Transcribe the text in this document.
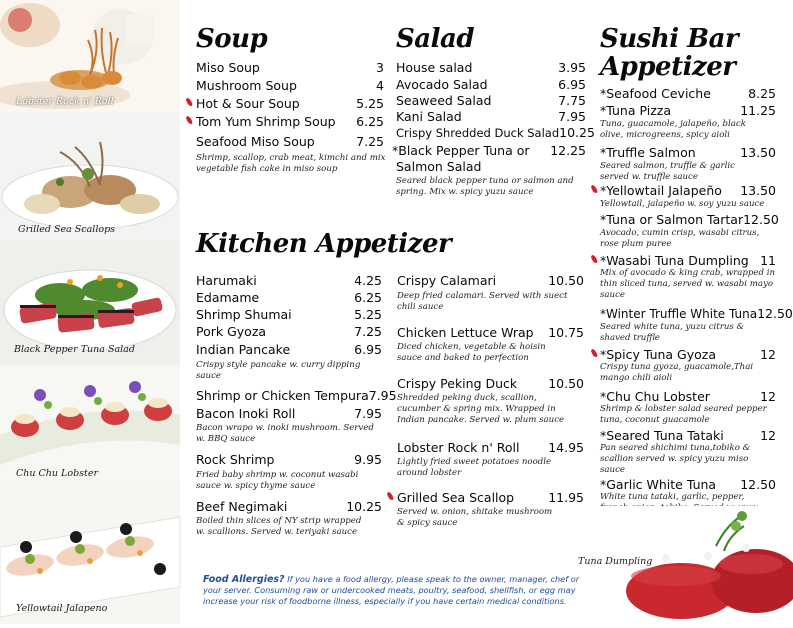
Lobster Rock n' Roll
Grilled Sea Scallops
Black Pepper Tuna Salad
Chu Chu Lobster
Yellowtail Jalapeno
Soup
Miso Soup	3
Mushroom Soup	4
Hot & Sour Soup	5.25
Tom Yum Shrimp Soup 6.25
Seafood Miso Soup	7.25
Shrimp, scallop, crab meat, kimchi and mix vegetable fish cake in miso soup
Salad
House salad	3.95
Avocado Salad	6.95
Seaweed Salad	7.75
Kani Salad	7.95
Crispy Shredded Duck Salad 10.25
*Black Pepper Tuna or 12.25
Salmon Salad
Seared black pepper tuna or salmon and spring. Mix w. spicy yuzu sauce
Kitchen Appetizer
Harumaki	4.25
Edamame	6.25
Shrimp Shumai	5.25
Pork Gyoza	7.25
Indian Pancake	6.95
Crispy style pancake w. curry dipping sauce
Shrimp or Chicken Tempura 7.95
Bacon Inoki Roll	7.95
Bacon wrapo w. inoki mushroom. Served w. BBQ sauce
Rock Shrimp	9.95
Fried baby shrimp w. coconut wasabi sauce w. spicy thyme sauce
Beef Negimaki	10.25
Boiled thin slices of NY strip wrapped w. scallions. Served w. teriyaki sauce
Crispy Calamari	10.50
Deep fried calamari. Served with suect chili sauce
Chicken Lettuce Wrap 10.75
Diced chicken, vegetable & hoisin sauce and baked to perfection
Crispy Peking Duck 10.50
Shredded peking duck, scallion, cucumber & spring mix. Wrapped in Indian pancake. Served w. plum sauce
Lobster Rock n' Roll 14.95
Lightly fried sweet potatoes noodle around lobster
Grilled Sea Scallop	11.95
Served w. onion, shitake mushroom & spicy sauce
Sushi Bar
Appetizer
*Seafood Ceviche	8.25
*Tuna Pizza	11.25
Tuna, guacamole, jalapeño, black olive, microgreens, spicy aioli
*Truffle Salmon	13.50
Seared salmon, truffle & garlic served w. truffle sauce
*Yellowtail Jalapeño 13.50
Yellowtail, jalapeño w. soy yuzu sauce
*Tuna or Salmon Tartar 12.50
Avocado, cumin crisp, wasabi citrus, rose plum puree
*Wasabi Tuna Dumpling 11
Mix of avocado & king crab, wrapped in thin sliced tuna, served w. wasabi mayo sauce
*Winter Truffle White Tuna 12.50
Seared white tuna, yuzu citrus & shaved truffle
*Spicy Tuna Gyoza	12
Crispy tuna gyoza, guacamole,Thai mango chili aioli
*Chu Chu Lobster	12
Shrimp & lobster salad seared pepper tuna, coconut guacamole
*Seared Tuna Tataki	12
Pan seared shichimi tuna,tobiko & scallion served w. spicy yuzu miso sauce
*Garlic White Tuna 12.50
White tuna tataki, garlic, pepper,
Tuna Dumpling
Food Allergies? If you have a food allergy, please speak to the owner, manager, chef or your server. Consuming raw or undercooked meats, poultry, seafood, shellfish, or egg may increase your risk of foodborne illness, especially if you have certain medical conditions.
